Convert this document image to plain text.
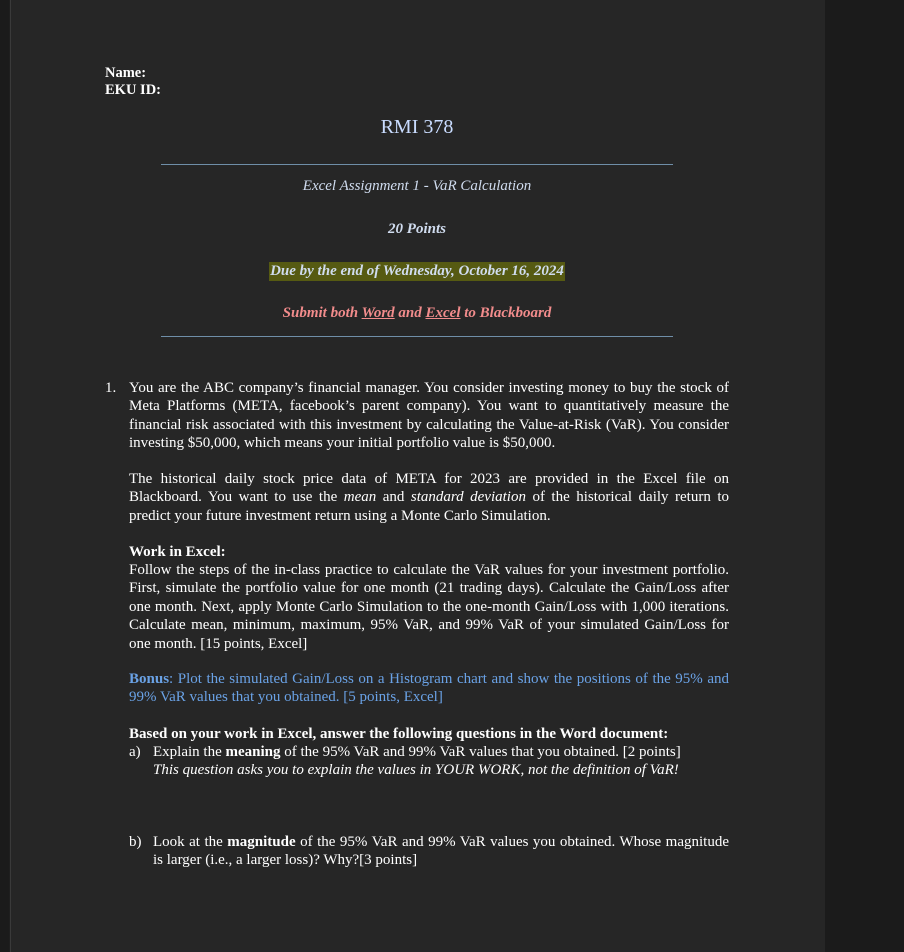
Name:
EKU ID:
RMI 378
Excel Assignment 1 - VaR Calculation
20 Points
Due by the end of Wednesday, October 16, 2024
Submit both Word and Excel to Blackboard
1. You are the ABC company’s financial manager. You consider investing money to buy the stock of Meta Platforms (META, facebook’s parent company). You want to quantitatively measure the financial risk associated with this investment by calculating the Value-at-Risk (VaR). You consider investing $50,000, which means your initial portfolio value is $50,000.
The historical daily stock price data of META for 2023 are provided in the Excel file on Blackboard. You want to use the mean and standard deviation of the historical daily return to predict your future investment return using a Monte Carlo Simulation.
Work in Excel:
Follow the steps of the in-class practice to calculate the VaR values for your investment portfolio. First, simulate the portfolio value for one month (21 trading days). Calculate the Gain/Loss after one month. Next, apply Monte Carlo Simulation to the one-month Gain/Loss with 1,000 iterations. Calculate mean, minimum, maximum, 95% VaR, and 99% VaR of your simulated Gain/Loss for one month. [15 points, Excel]
Bonus: Plot the simulated Gain/Loss on a Histogram chart and show the positions of the 95% and 99% VaR values that you obtained. [5 points, Excel]
Based on your work in Excel, answer the following questions in the Word document:
a) Explain the meaning of the 95% VaR and 99% VaR values that you obtained. [2 points]
This question asks you to explain the values in YOUR WORK, not the definition of VaR!
b) Look at the magnitude of the 95% VaR and 99% VaR values you obtained. Whose magnitude is larger (i.e., a larger loss)? Why?[3 points]
